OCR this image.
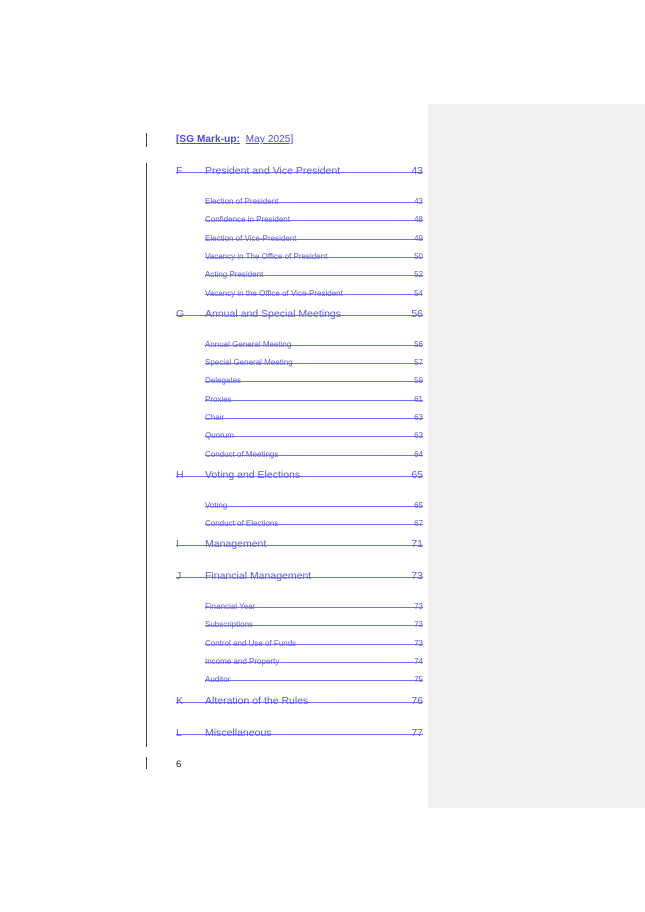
[SG Mark-up: May 2025]
F President and Vice President	43
Election of President	43
Confidence in President	48
Election of Vice-President	49
Vacancy in The Office of President	50
Acting President	52
Vacancy in the Office of Vice-President	54
G Annual and Special Meetings	56
Annual General Meeting	56
Special General Meeting	57
Delegates	59
Proxies	61
Chair	63
Quorum	63
Conduct of Meetings	64
H Voting and Elections	65
Voting	65
Conduct of Elections	67
I Management	71
J Financial Management	73
Financial Year	73
Subscriptions	73
Control and Use of Funds	73
Income and Property	74
Auditor	75
K Alteration of the Rules	76
L Miscellaneous	77
6
